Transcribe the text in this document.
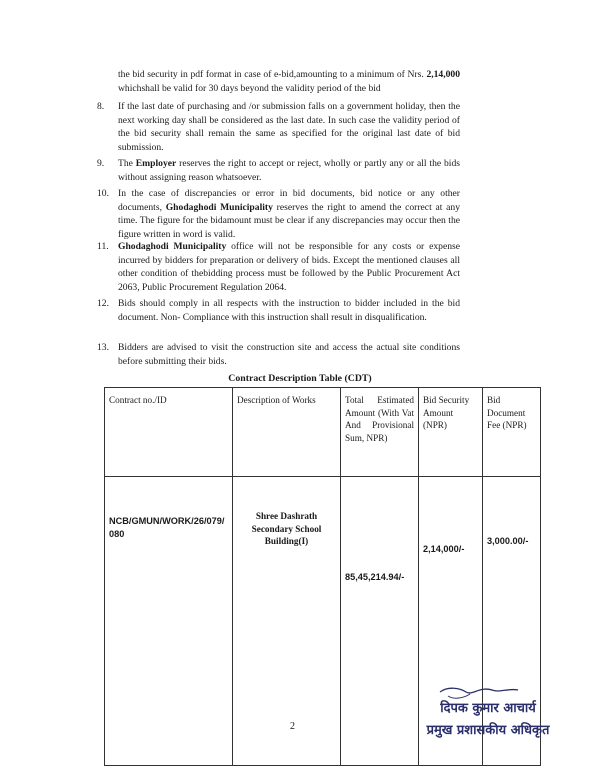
the bid security in pdf format in case of e-bid,amounting to a minimum of Nrs. 2,14,000 whichshall be valid for 30 days beyond the validity period of the bid
8.	If the last date of purchasing and /or submission falls on a government holiday, then the next working day shall be considered as the last date. In such case the validity period of the bid security shall remain the same as specified for the original last date of bid submission.
9.	The Employer reserves the right to accept or reject, wholly or partly any or all the bids without assigning reason whatsoever.
10. In the case of discrepancies or error in bid documents, bid notice or any other documents, Ghodaghodi Municipality reserves the right to amend the correct at any time. The figure for the bidamount must be clear if any discrepancies may occur then the figure written in word is valid.
11. Ghodaghodi Municipality office will not be responsible for any costs or expense incurred by bidders for preparation or delivery of bids. Except the mentioned clauses all other condition of thebidding process must be followed by the Public Procurement Act 2063, Public Procurement Regulation 2064.
12. Bids should comply in all respects with the instruction to bidder included in the bid document. Non- Compliance with this instruction shall result in disqualification.
13. Bidders are advised to visit the construction site and access the actual site conditions before submitting their bids.
Contract Description Table (CDT)
Contract no./ID	Description of Works	Total Estimated Amount (With Vat And Provisional Sum, NPR)	Bid Security Amount (NPR)	Bid Document Fee (NPR)
NCB/GMUN/WORK/26/079/080	Shree Dashrath Secondary School Building(I)	85,45,214.94/-	2,14,000/-	3,000.00/-
2
दिपक कुमार आचार्य
प्रमुख प्रशासकीय अधिकृत
